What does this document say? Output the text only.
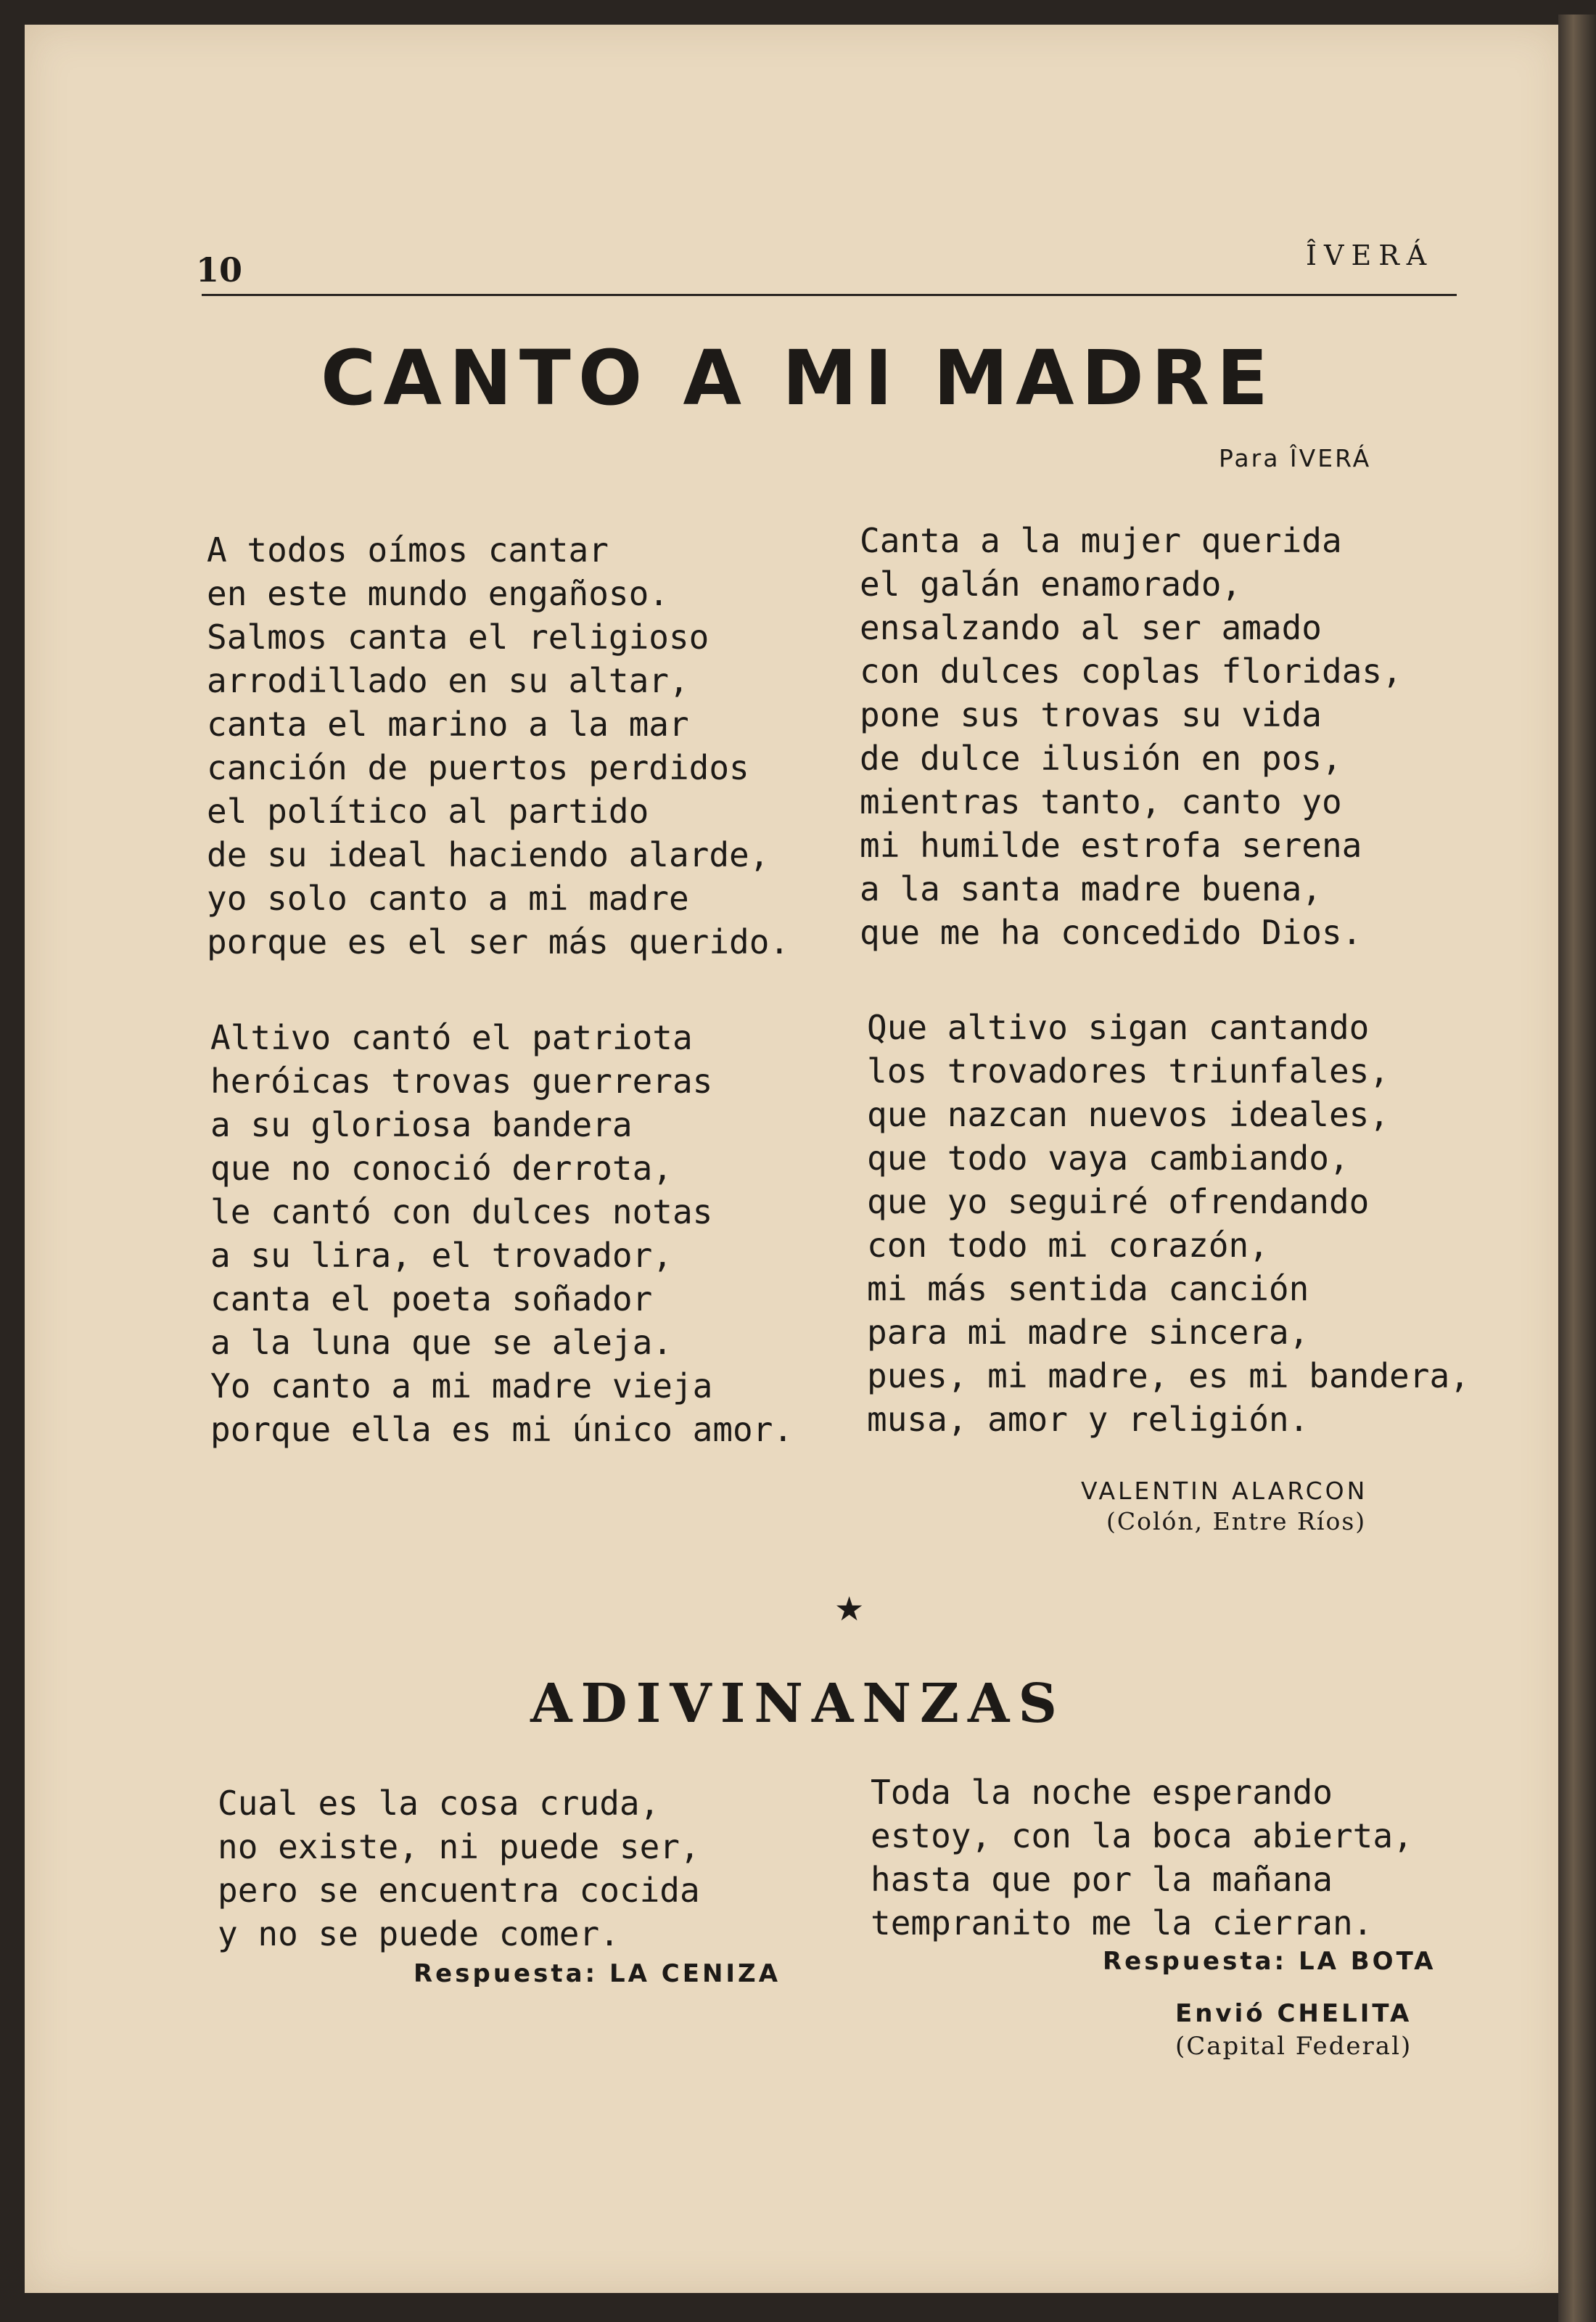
10	ÎVERÁ
CANTO A MI MADRE
Para ÎVERÁ
A todos oímos cantar
en este mundo engañoso.
Salmos canta el religioso
arrodillado en su altar,
canta el marino a la mar
canción de puertos perdidos
el político al partido
de su ideal haciendo alarde,
yo solo canto a mi madre
porque es el ser más querido.
Canta a la mujer querida
el galán enamorado,
ensalzando al ser amado
con dulces coplas floridas,
pone sus trovas su vida
de dulce ilusión en pos,
mientras tanto, canto yo
mi humilde estrofa serena
a la santa madre buena,
que me ha concedido Dios.
Altivo cantó el patriota
heróicas trovas guerreras
a su gloriosa bandera
que no conoció derrota,
le cantó con dulces notas
a su lira, el trovador,
canta el poeta soñador
a la luna que se aleja.
Yo canto a mi madre vieja
porque ella es mi único amor.
Que altivo sigan cantando
los trovadores triunfales,
que nazcan nuevos ideales,
que todo vaya cambiando,
que yo seguiré ofrendando
con todo mi corazón,
mi más sentida canción
para mi madre sincera,
pues, mi madre, es mi bandera,
musa, amor y religión.
VALENTIN ALARCON
(Colón, Entre Ríos)
★
ADIVINANZAS
Cual es la cosa cruda,
no existe, ni puede ser,
pero se encuentra cocida
y no se puede comer.
Respuesta: LA CENIZA
Toda la noche esperando
estoy, con la boca abierta,
hasta que por la mañana
tempranito me la cierran.
Respuesta: LA BOTA
Envió CHELITA
(Capital Federal)
